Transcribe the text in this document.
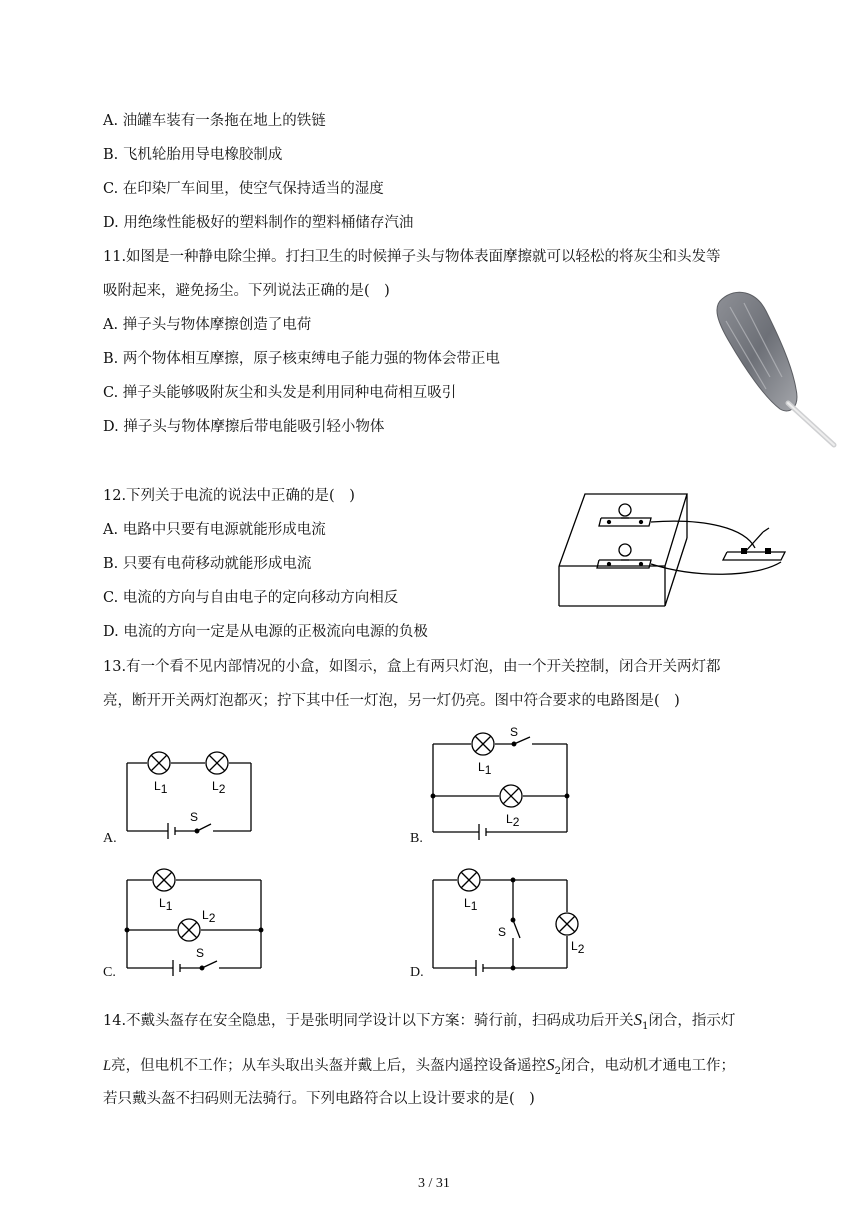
A. 油罐车装有一条拖在地上的铁链
B. 飞机轮胎用导电橡胶制成
C. 在印染厂车间里，使空气保持适当的湿度
D. 用绝缘性能极好的塑料制作的塑料桶储存汽油
11.如图是一种静电除尘掸。打扫卫生的时候掸子头与物体表面摩擦就可以轻松的将灰尘和头发等
吸附起来，避免扬尘。下列说法正确的是(　)
A. 掸子头与物体摩擦创造了电荷
B. 两个物体相互摩擦，原子核束缚电子能力强的物体会带正电
C. 掸子头能够吸附灰尘和头发是利用同种电荷相互吸引
D. 掸子头与物体摩擦后带电能吸引轻小物体
12.下列关于电流的说法中正确的是(　)
A. 电路中只要有电源就能形成电流
B. 只要有电荷移动就能形成电流
C. 电流的方向与自由电子的定向移动方向相反
D. 电流的方向一定是从电源的正极流向电源的负极
13.有一个看不见内部情况的小盒，如图示，盒上有两只灯泡，由一个开关控制，闭合开关两灯都
亮，断开开关两灯泡都灭；拧下其中任一灯泡，另一灯仍亮。图中符合要求的电路图是(　)
A.	B.
C.	D.
L1	L2
S
L1
L2
S
L1
L2
S
L1
L2
S
14.不戴头盔存在安全隐患，于是张明同学设计以下方案：骑行前，扫码成功后开关$S_1$闭合，指示灯
L亮，但电机不工作；从车头取出头盔并戴上后，头盔内遥控设备遥控$S_2$闭合，电动机才通电工作；
若只戴头盔不扫码则无法骑行。下列电路符合以上设计要求的是(　)
3 / 31
